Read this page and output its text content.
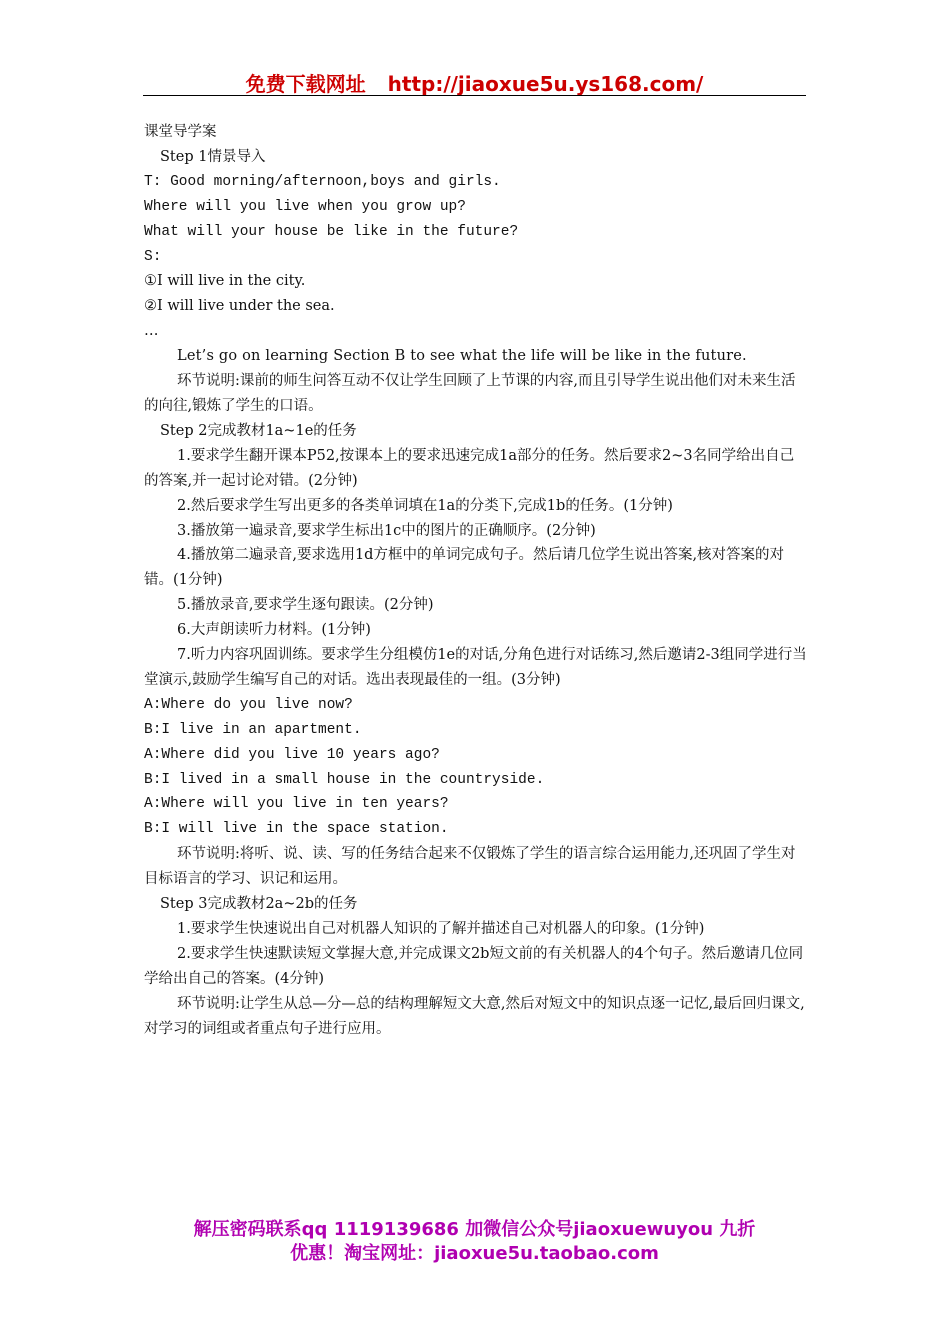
免费下载网址 http://jiaoxue5u.ys168.com/

课堂导学案

Step 1情景导入

T: Good morning/afternoon,boys and girls.

Where will you live when you grow up?

What will your house be like in the future?

S:

①I will live in the city.

②I will live under the sea.

…

Let’s go on learning Section B to see what the life will be like in the future.

环节说明:课前的师生问答互动不仅让学生回顾了上节课的内容,而且引导学生说出他们对未来生活的向往,锻炼了学生的口语。

Step 2完成教材1a~1e的任务

1.要求学生翻开课本P52,按课本上的要求迅速完成1a部分的任务。然后要求2~3名同学给出自己的答案,并一起讨论对错。(2分钟)

2.然后要求学生写出更多的各类单词填在1a的分类下,完成1b的任务。(1分钟)

3.播放第一遍录音,要求学生标出1c中的图片的正确顺序。(2分钟)

4.播放第二遍录音,要求选用1d方框中的单词完成句子。然后请几位学生说出答案,核对答案的对错。(1分钟)

5.播放录音,要求学生逐句跟读。(2分钟)

6.大声朗读听力材料。(1分钟)

7.听力内容巩固训练。要求学生分组模仿1e的对话,分角色进行对话练习,然后邀请2-3组同学进行当堂演示,鼓励学生编写自己的对话。选出表现最佳的一组。(3分钟)

A:Where do you live now?

B:I live in an apartment.

A:Where did you live 10 years ago?

B:I lived in a small house in the countryside.

A:Where will you live in ten years?

B:I will live in the space station.

环节说明:将听、说、读、写的任务结合起来不仅锻炼了学生的语言综合运用能力,还巩固了学生对目标语言的学习、识记和运用。

Step 3完成教材2a~2b的任务

1.要求学生快速说出自己对机器人知识的了解并描述自己对机器人的印象。(1分钟)

2.要求学生快速默读短文掌握大意,并完成课文2b短文前的有关机器人的4个句子。然后邀请几位同学给出自己的答案。(4分钟)

环节说明:让学生从总—分—总的结构理解短文大意,然后对短文中的知识点逐一记忆,最后回归课文,对学习的词组或者重点句子进行应用。

解压密码联系qq 1119139686 加微信公众号jiaoxuewuyou 九折
优惠！淘宝网址：jiaoxue5u.taobao.com
